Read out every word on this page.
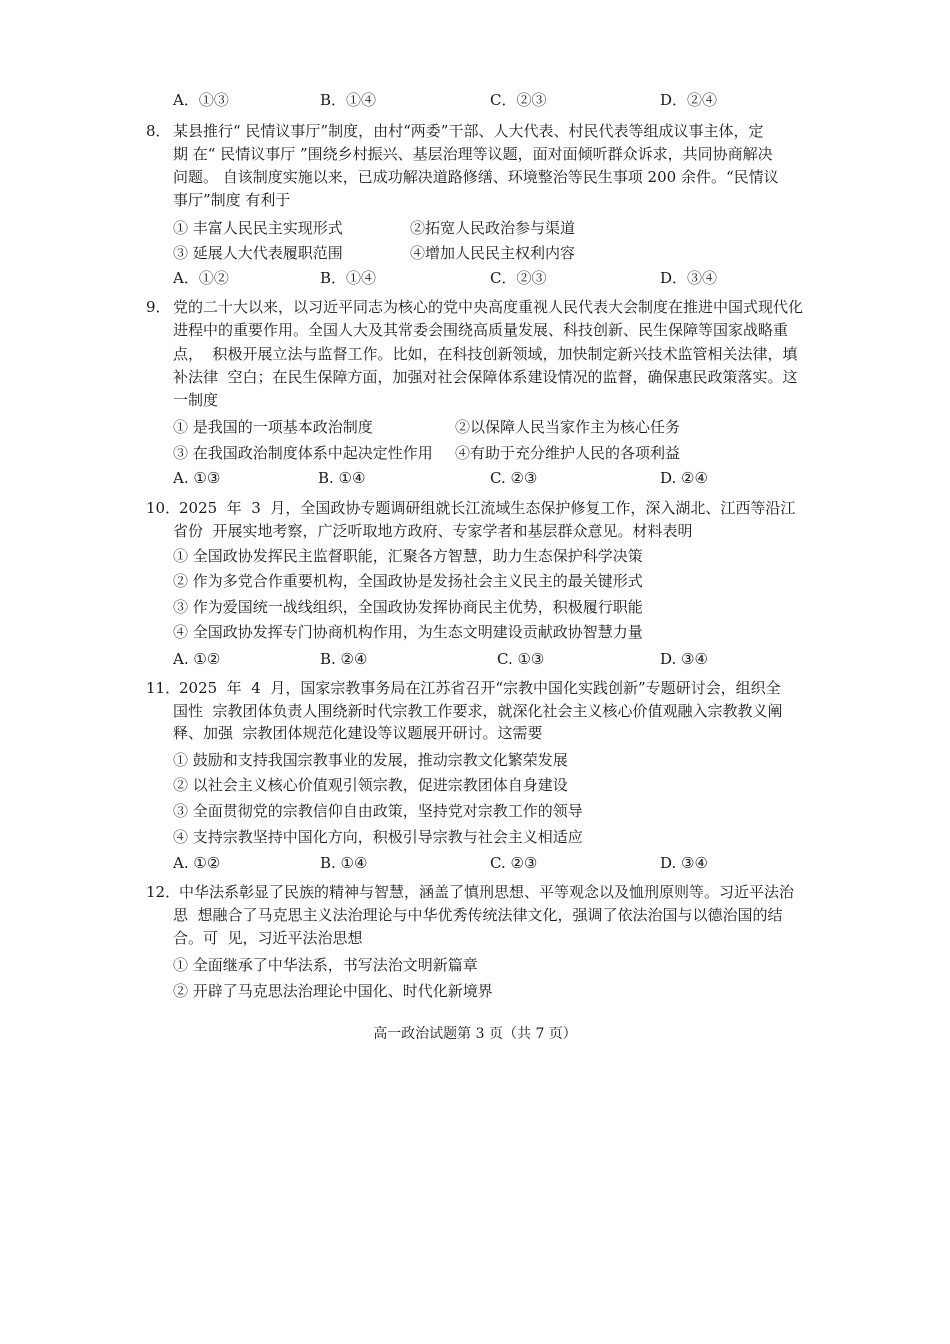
A．①③	B．①④	C．②③	D．②④
8． 某县推行“ 民情议事厅”制度，由村“两委”干部、人大代表、村民代表等组成议事主体，定
期 在“ 民情议事厅 ”围绕乡村振兴、基层治理等议题，面对面倾听群众诉求，共同协商解决
问题。 自该制度实施以来，已成功解决道路修缮、环境整治等民生事项 200 余件。“民情议
事厅”制度 有利于
① 丰富人民民主实现形式	②拓宽人民政治参与渠道
③ 延展人大代表履职范围	④增加人民民主权利内容
A．①②	B．①④	C．②③	D．③④
9． 党的二十大以来，以习近平同志为核心的党中央高度重视人民代表大会制度在推进中国式现代化
进程中的重要作用。全国人大及其常委会围绕高质量发展、科技创新、民生保障等国家战略重
点，  积极开展立法与监督工作。比如，在科技创新领域，加快制定新兴技术监管相关法律，填
补法律  空白；在民生保障方面，加强对社会保障体系建设情况的监督，确保惠民政策落实。这
一制度
① 是我国的一项基本政治制度	②以保障人民当家作主为核心任务
③ 在我国政治制度体系中起决定性作用 ④有助于充分维护人民的各项利益
A. ①③	B. ①④	C. ②③	D. ②④
10．
2025  年  3  月，全国政协专题调研组就长江流域生态保护修复工作，深入湖北、江西等沿江
省份  开展实地考察，广泛听取地方政府、专家学者和基层群众意见。材料表明
① 全国政协发挥民主监督职能，汇聚各方智慧，助力生态保护科学决策
② 作为多党合作重要机构，全国政协是发扬社会主义民主的最关键形式
③ 作为爱国统一战线组织，全国政协发挥协商民主优势，积极履行职能
④ 全国政协发挥专门协商机构作用，为生态文明建设贡献政协智慧力量
A. ①②	B. ②④	C. ①③	D. ③④
11．
2025  年  4  月，国家宗教事务局在江苏省召开“宗教中国化实践创新”专题研讨会，组织全
国性  宗教团体负责人围绕新时代宗教工作要求，就深化社会主义核心价值观融入宗教教义阐
释、加强  宗教团体规范化建设等议题展开研讨。这需要
① 鼓励和支持我国宗教事业的发展，推动宗教文化繁荣发展
② 以社会主义核心价值观引领宗教，促进宗教团体自身建设
③ 全面贯彻党的宗教信仰自由政策，坚持党对宗教工作的领导
④ 支持宗教坚持中国化方向，积极引导宗教与社会主义相适应
A. ①②	B. ①④	C. ②③	D. ③④
12．
中华法系彰显了民族的精神与智慧，涵盖了慎刑思想、平等观念以及恤刑原则等。习近平法治
思  想融合了马克思主义法治理论与中华优秀传统法律文化，强调了依法治国与以德治国的结
合。可  见，习近平法治思想
① 全面继承了中华法系，书写法治文明新篇章
② 开辟了马克思法治理论中国化、时代化新境界
高一政治试题第 3 页（共 7 页）
